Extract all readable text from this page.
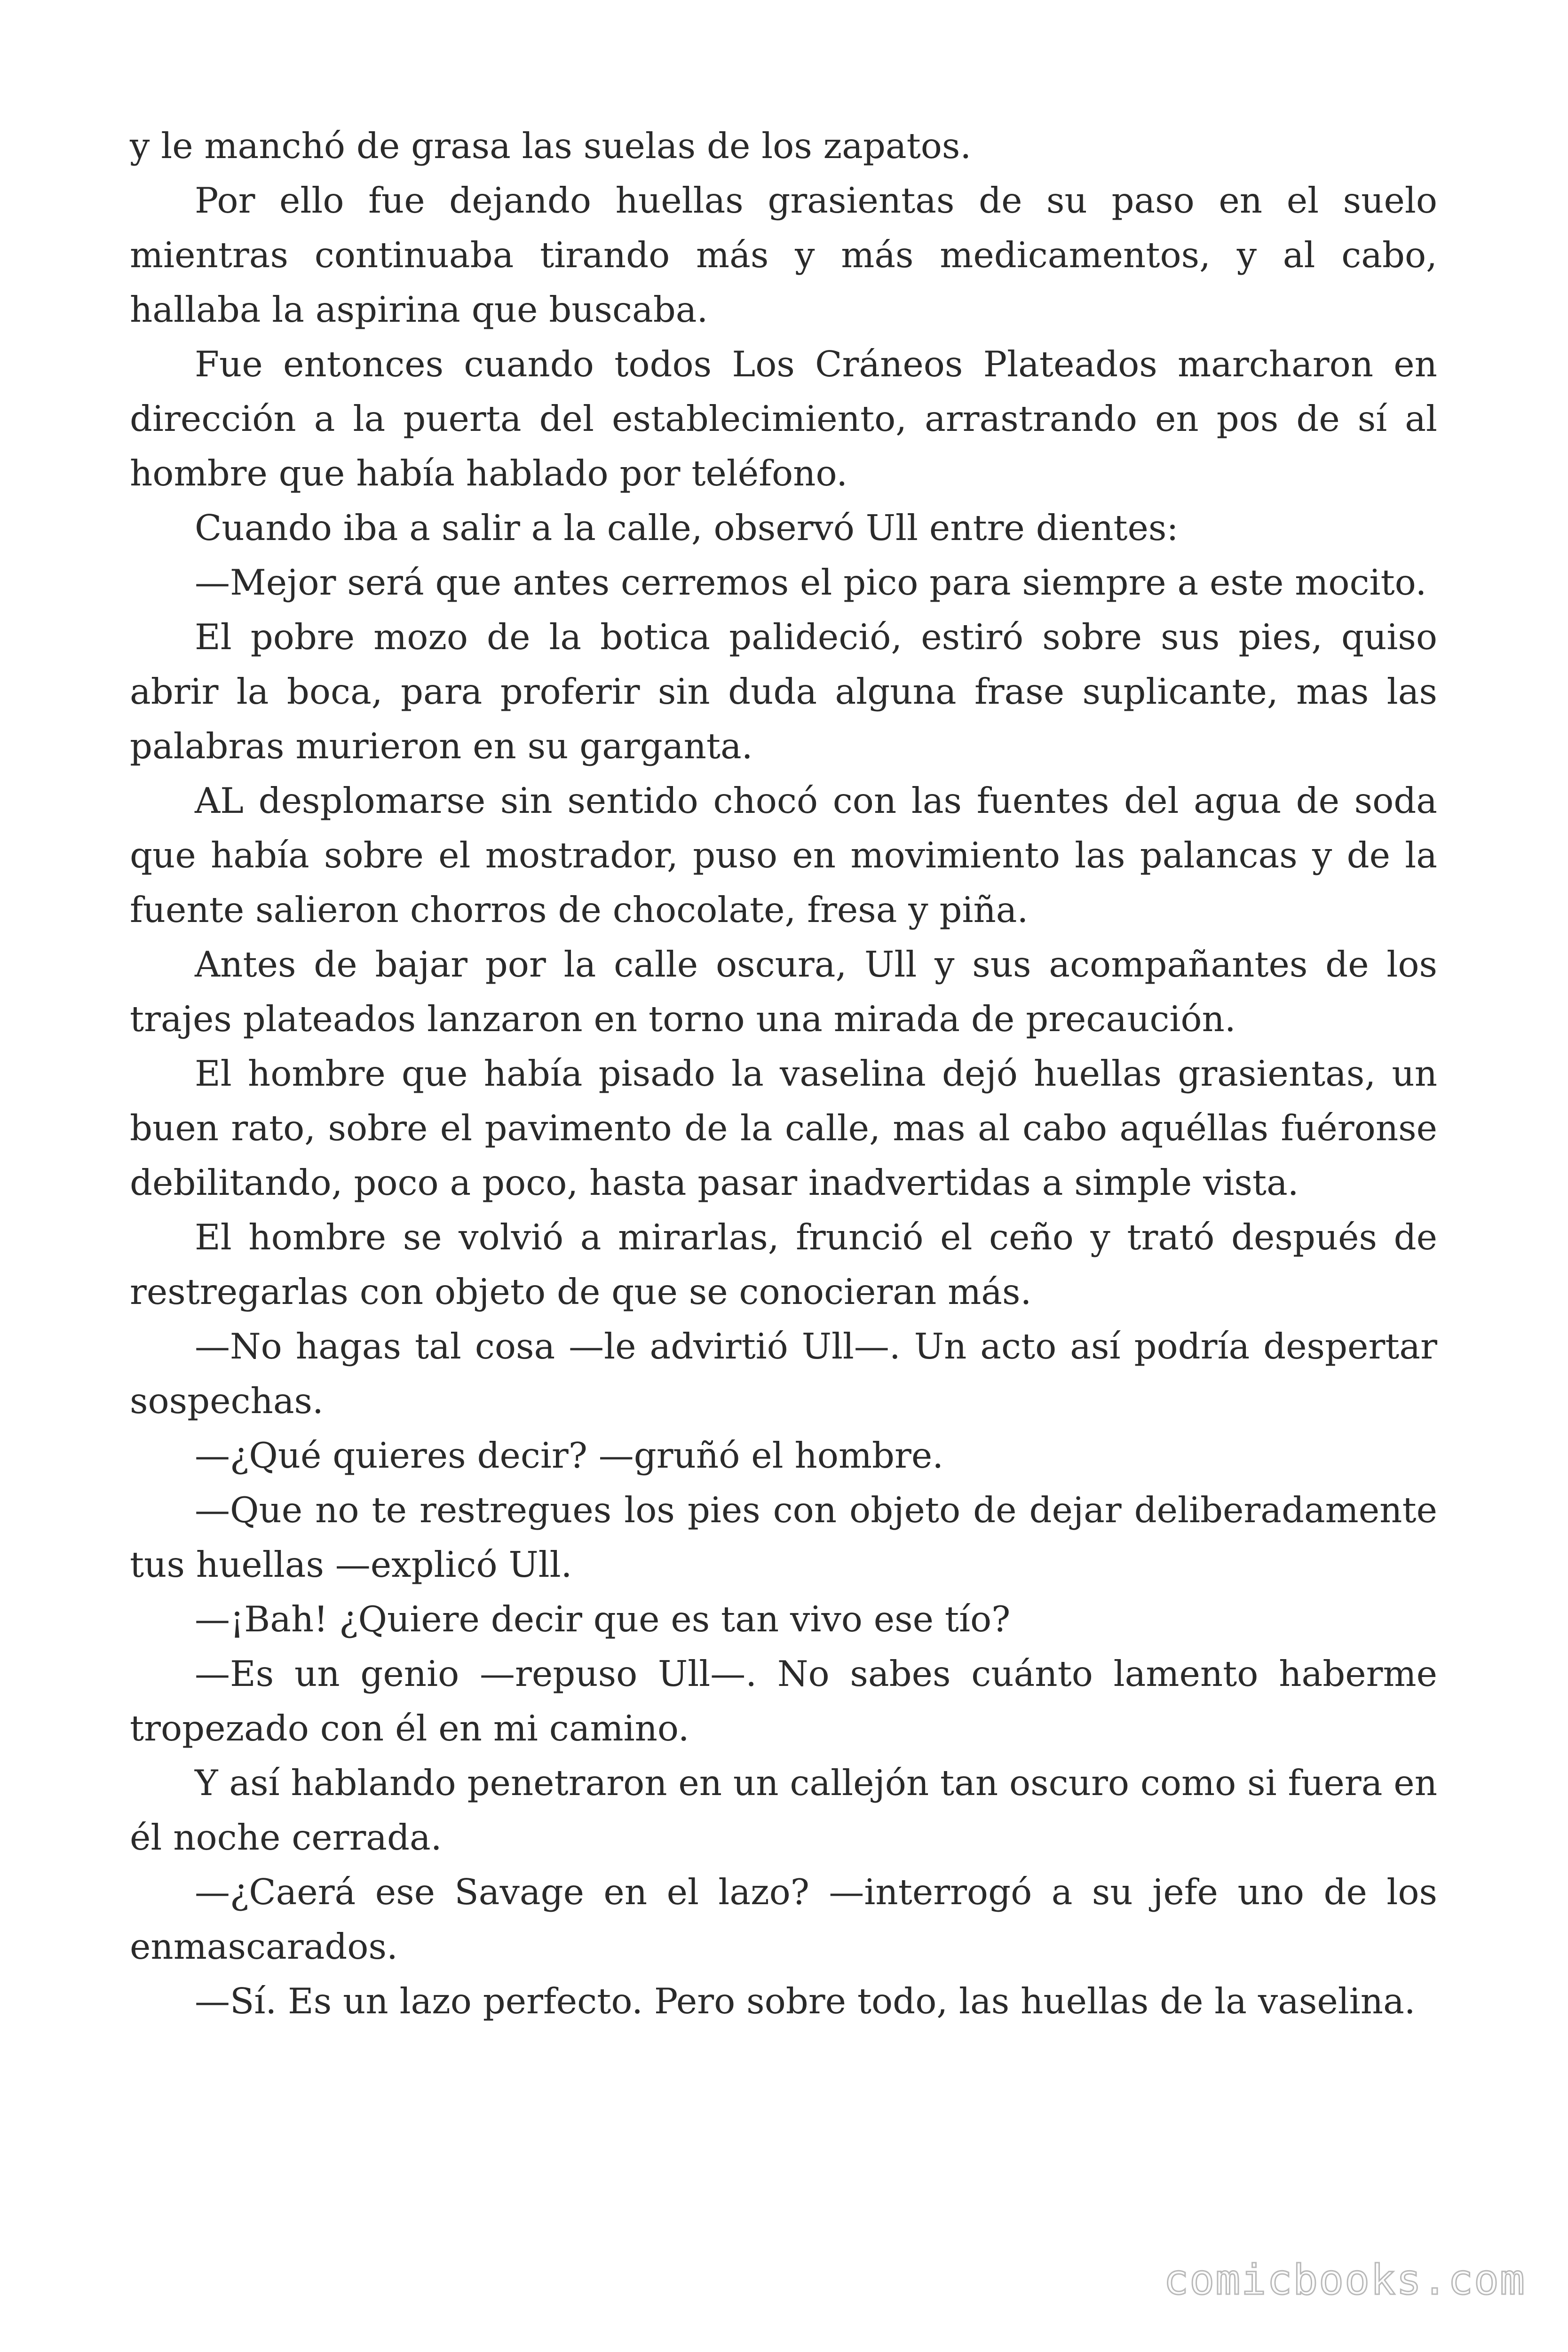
y le manchó de grasa las suelas de los zapatos.

Por ello fue dejando huellas grasientas de su paso en el suelo mientras continuaba tirando más y más medicamentos, y al cabo, hallaba la aspirina que buscaba.

Fue entonces cuando todos Los Cráneos Plateados marcharon en dirección a la puerta del establecimiento, arrastrando en pos de sí al hombre que había hablado por teléfono.

Cuando iba a salir a la calle, observó Ull entre dientes:

—Mejor será que antes cerremos el pico para siempre a este mocito.

El pobre mozo de la botica palideció, estiró sobre sus pies, quiso abrir la boca, para proferir sin duda alguna frase suplicante, mas las palabras murieron en su garganta.

AL desplomarse sin sentido chocó con las fuentes del agua de soda que había sobre el mostrador, puso en movimiento las palancas y de la fuente salieron chorros de chocolate, fresa y piña.

Antes de bajar por la calle oscura, Ull y sus acompañantes de los trajes plateados lanzaron en torno una mirada de precaución.

El hombre que había pisado la vaselina dejó huellas grasientas, un buen rato, sobre el pavimento de la calle, mas al cabo aquéllas fuéronse debilitando, poco a poco, hasta pasar inadvertidas a simple vista.

El hombre se volvió a mirarlas, frunció el ceño y trató después de restregarlas con objeto de que se conocieran más.

—No hagas tal cosa —le advirtió Ull—. Un acto así podría despertar sospechas.

—¿Qué quieres decir? —gruñó el hombre.

—Que no te restregues los pies con objeto de dejar deliberadamente tus huellas —explicó Ull.

—¡Bah! ¿Quiere decir que es tan vivo ese tío?

—Es un genio —repuso Ull—. No sabes cuánto lamento haberme tropezado con él en mi camino.

Y así hablando penetraron en un callejón tan oscuro como si fuera en él noche cerrada.

—¿Caerá ese Savage en el lazo? —interrogó a su jefe uno de los enmascarados.

—Sí. Es un lazo perfecto. Pero sobre todo, las huellas de la vaselina.

comicbooks.com
